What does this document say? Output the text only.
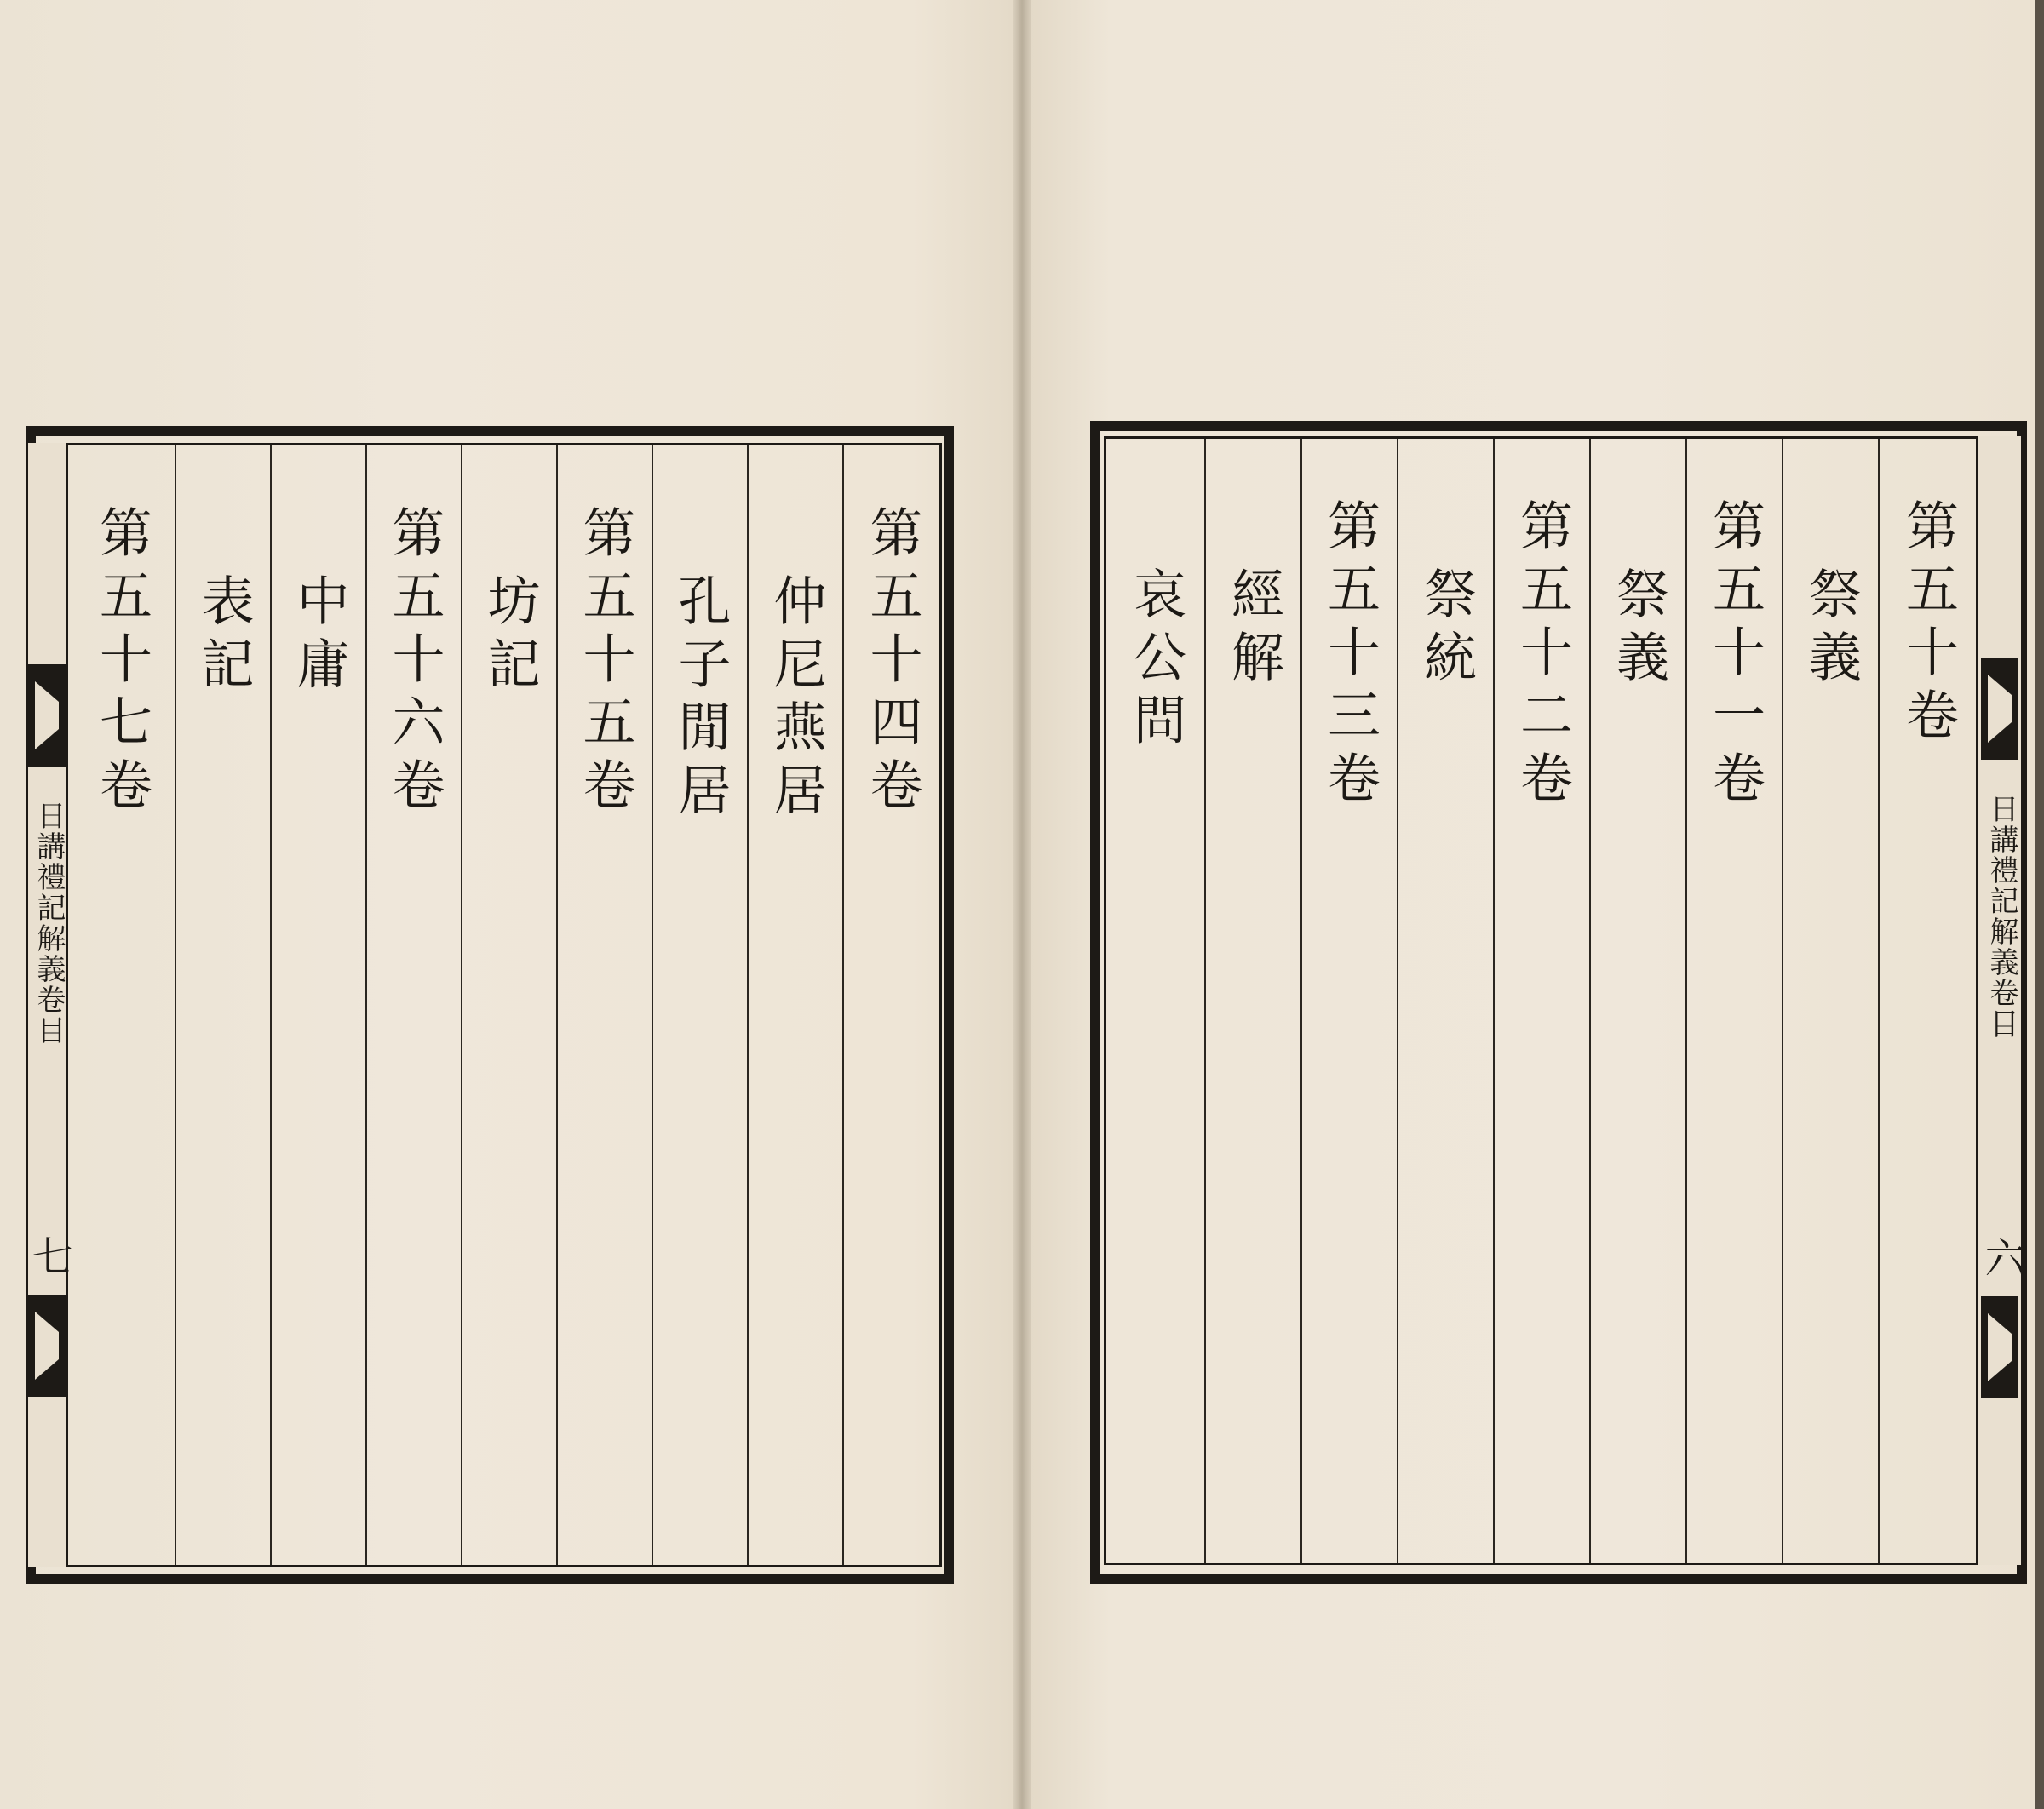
日講禮記解義卷目
七
第五十四卷
仲尼燕居
孔子閒居
第五十五卷
坊記
第五十六卷
中庸
表記
第五十七卷
日講禮記解義卷目
六
第五十卷
祭義
第五十一卷
祭義
第五十二卷
祭統
第五十三卷
經解
哀公問
